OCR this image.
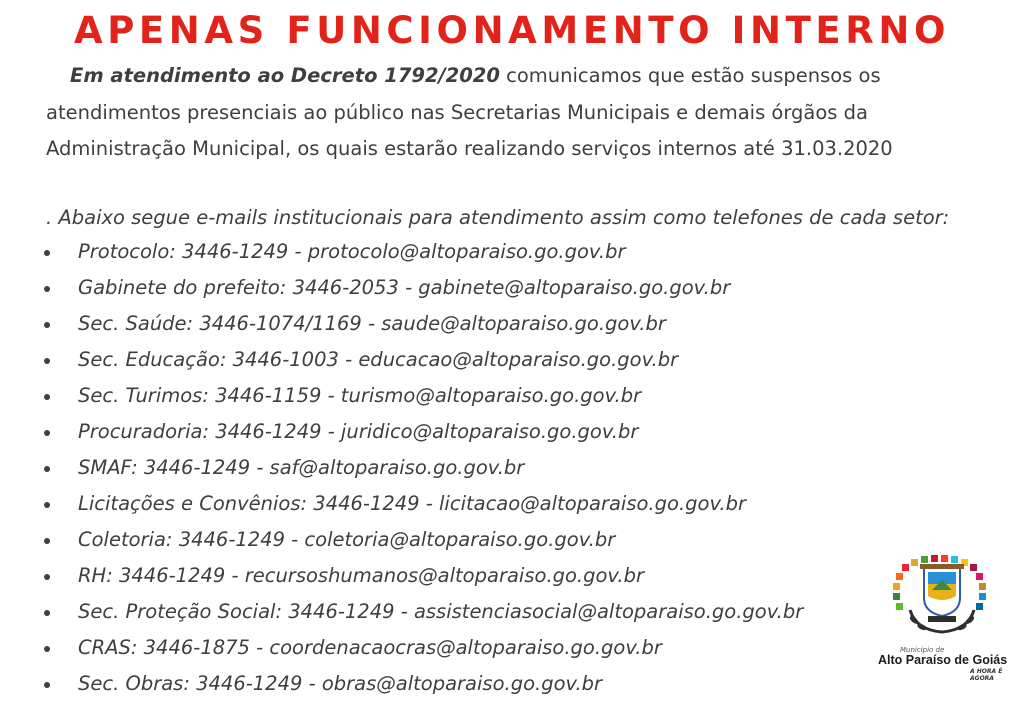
APENAS FUNCIONAMENTO INTERNO
Em atendimento ao Decreto 1792/2020 comunicamos que estão suspensos os atendimentos presenciais ao público nas Secretarias Municipais e demais órgãos da Administração Municipal, os quais estarão realizando serviços internos até 31.03.2020
. Abaixo segue e-mails institucionais para atendimento assim como telefones de cada setor:
Protocolo: 3446-1249 - protocolo@altoparaiso.go.gov.br
Gabinete do prefeito: 3446-2053 - gabinete@altoparaiso.go.gov.br
Sec. Saúde: 3446-1074/1169 - saude@altoparaiso.go.gov.br
Sec. Educação: 3446-1003 - educacao@altoparaiso.go.gov.br
Sec. Turimos: 3446-1159 - turismo@altoparaiso.go.gov.br
Procuradoria: 3446-1249 - juridico@altoparaiso.go.gov.br
SMAF: 3446-1249 - saf@altoparaiso.go.gov.br
Licitações e Convênios: 3446-1249 - licitacao@altoparaiso.go.gov.br
Coletoria: 3446-1249 - coletoria@altoparaiso.go.gov.br
RH: 3446-1249 - recursoshumanos@altoparaiso.go.gov.br
Sec. Proteção Social: 3446-1249 - assistenciasocial@altoparaiso.go.gov.br
CRAS: 3446-1875 - coordenacaocras@altoparaiso.go.gov.br
Sec. Obras: 3446-1249 - obras@altoparaiso.go.gov.br
Município de
Alto Paraíso de Goiás
A HORA É AGORA
